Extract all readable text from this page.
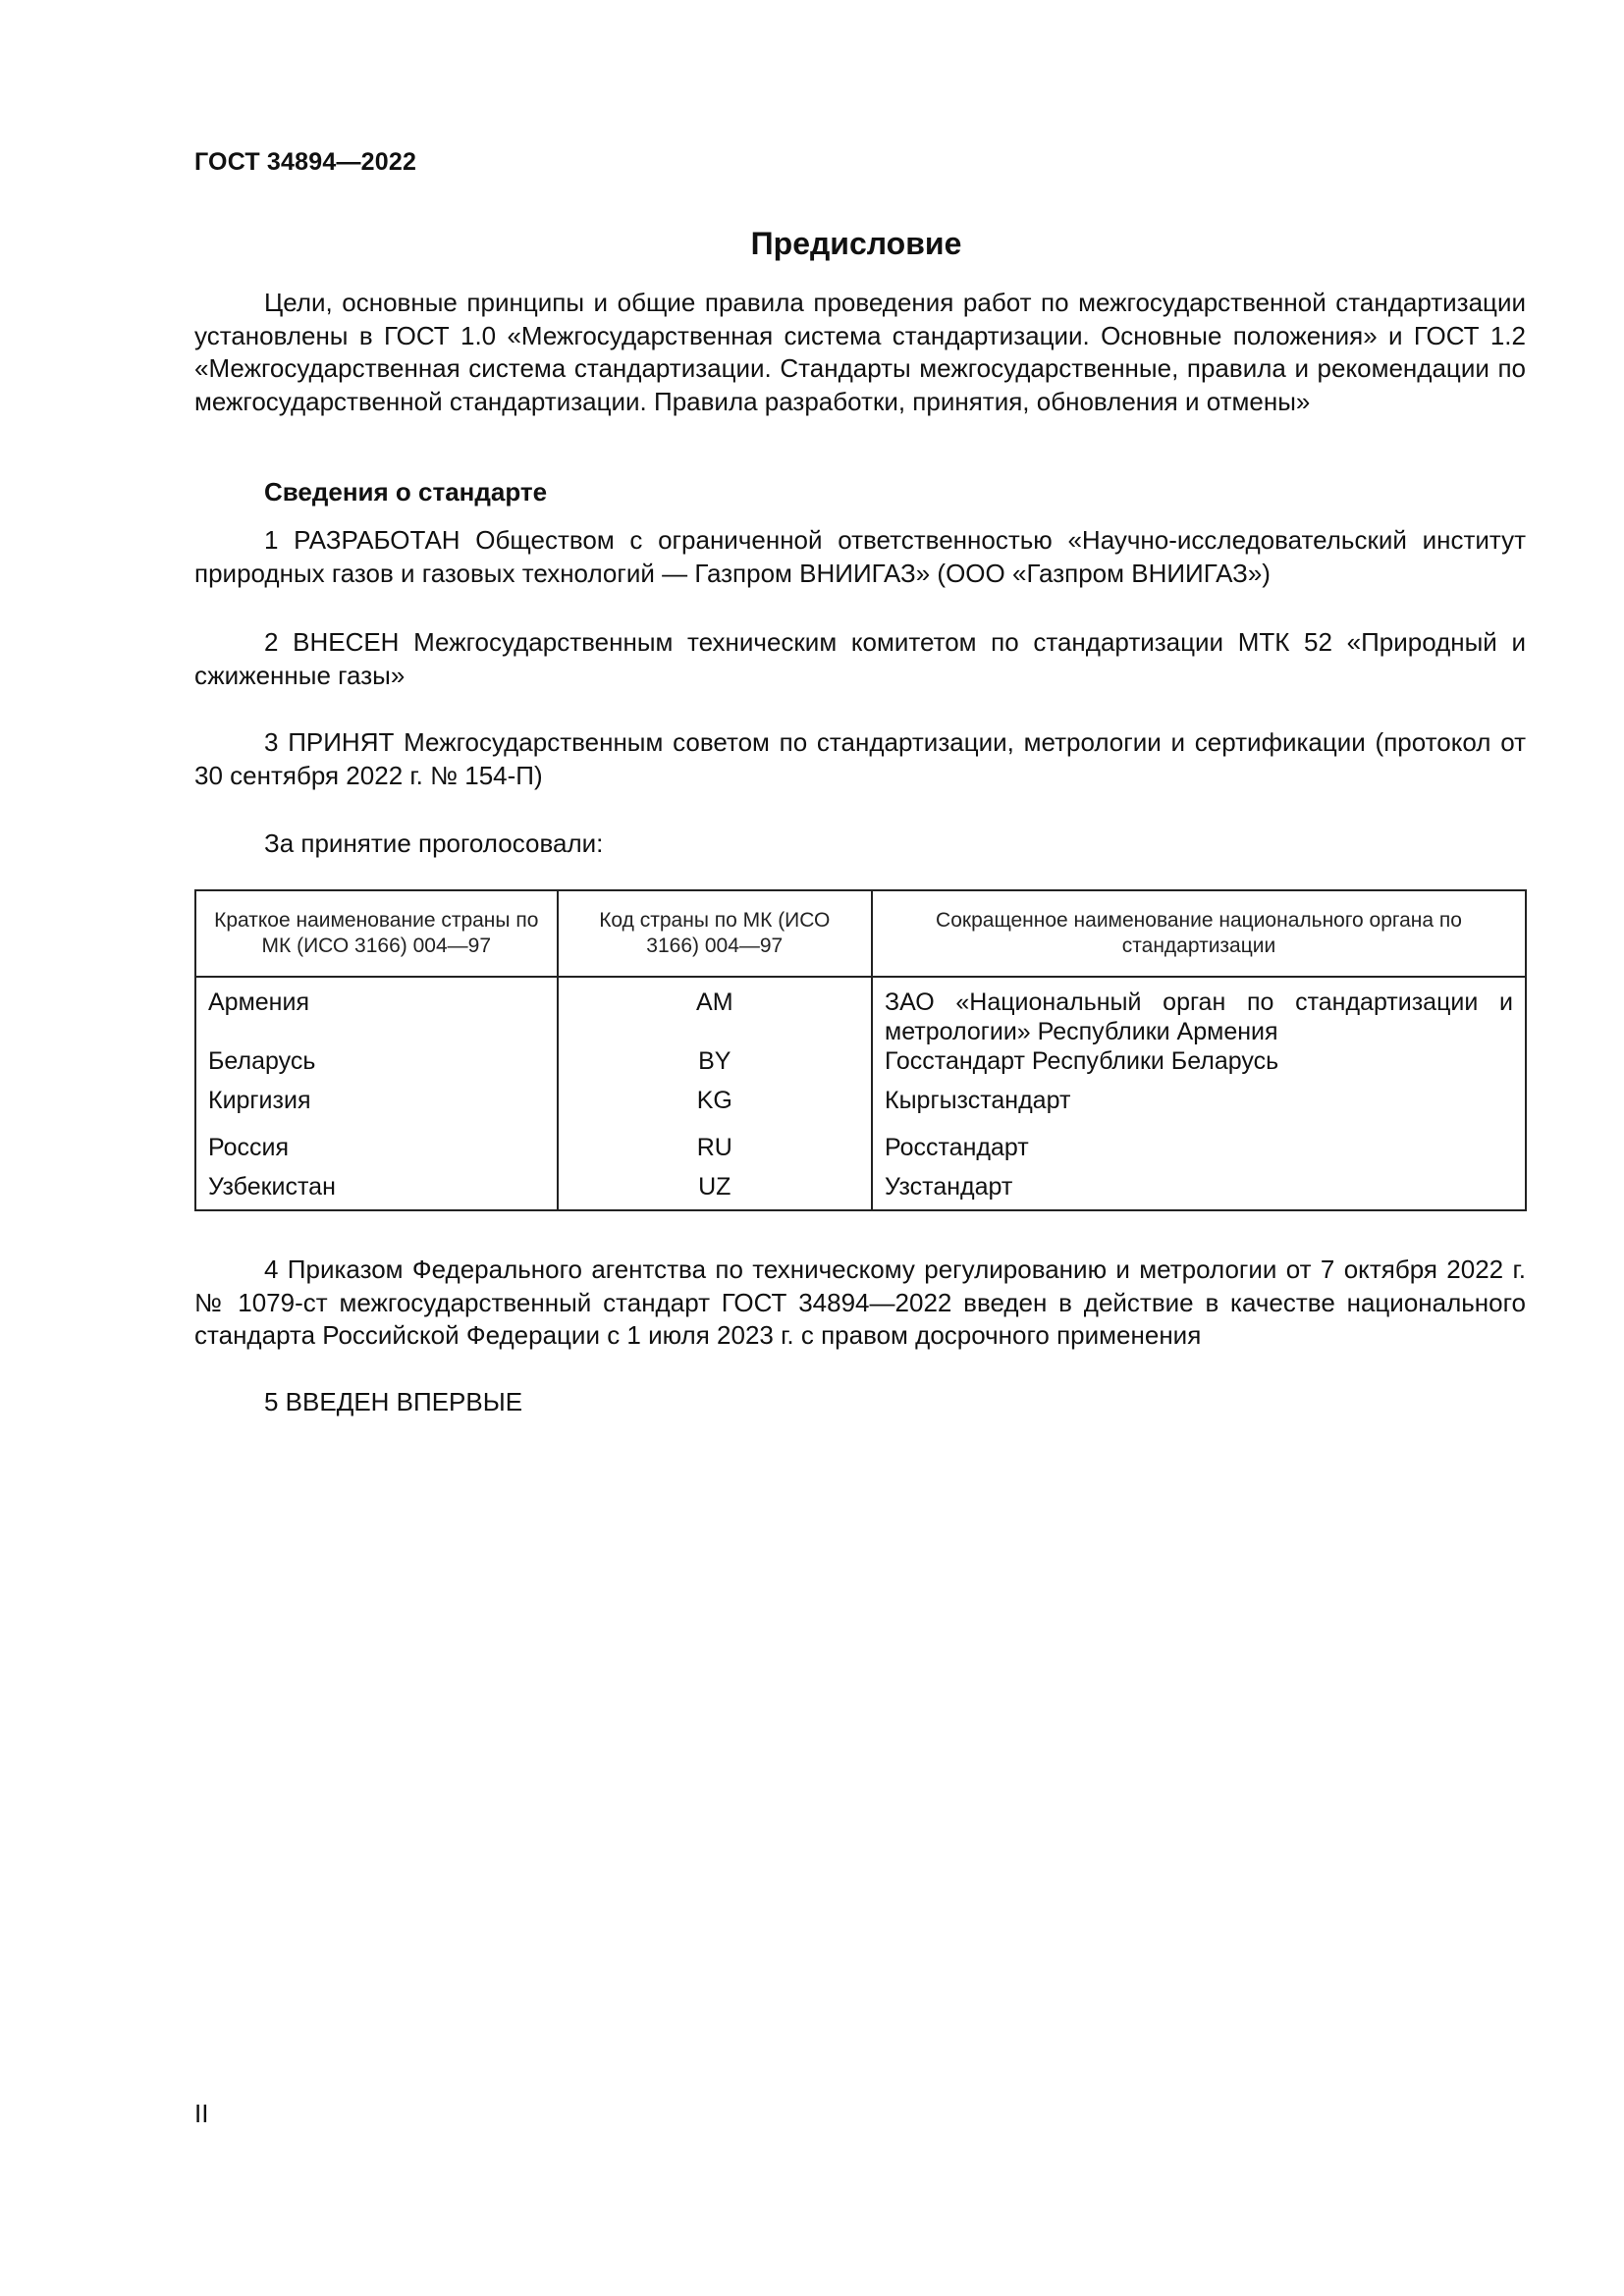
ГОСТ 34894—2022
Предисловие
Цели, основные принципы и общие правила проведения работ по межгосударственной стандартизации установлены в ГОСТ 1.0 «Межгосударственная система стандартизации. Основные положения» и ГОСТ 1.2 «Межгосударственная система стандартизации. Стандарты межгосударственные, правила и рекомендации по межгосударственной стандартизации. Правила разработки, принятия, обновления и отмены»
Сведения о стандарте
1 РАЗРАБОТАН Обществом с ограниченной ответственностью «Научно-исследовательский институт природных газов и газовых технологий — Газпром ВНИИГАЗ» (ООО «Газпром ВНИИГАЗ»)
2 ВНЕСЕН Межгосударственным техническим комитетом по стандартизации МТК 52 «Природный и сжиженные газы»
3 ПРИНЯТ Межгосударственным советом по стандартизации, метрологии и сертификации (протокол от 30 сентября 2022 г. № 154-П)
За принятие проголосовали:
Краткое наименование страны по МК (ИСО 3166) 004—97	Код страны по МК (ИСО 3166) 004—97	Сокращенное наименование национального органа по стандартизации
Армения	AM	ЗАО «Национальный орган по стандартизации и метрологии» Республики Армения
Беларусь	BY	Госстандарт Республики Беларусь
Киргизия	KG	Кыргызстандарт
Россия	RU	Росстандарт
Узбекистан	UZ	Узстандарт
4 Приказом Федерального агентства по техническому регулированию и метрологии от 7 октября 2022 г. № 1079-ст межгосударственный стандарт ГОСТ 34894—2022 введен в действие в качестве национального стандарта Российской Федерации с 1 июля 2023 г. с правом досрочного применения
5 ВВЕДЕН ВПЕРВЫЕ
II
